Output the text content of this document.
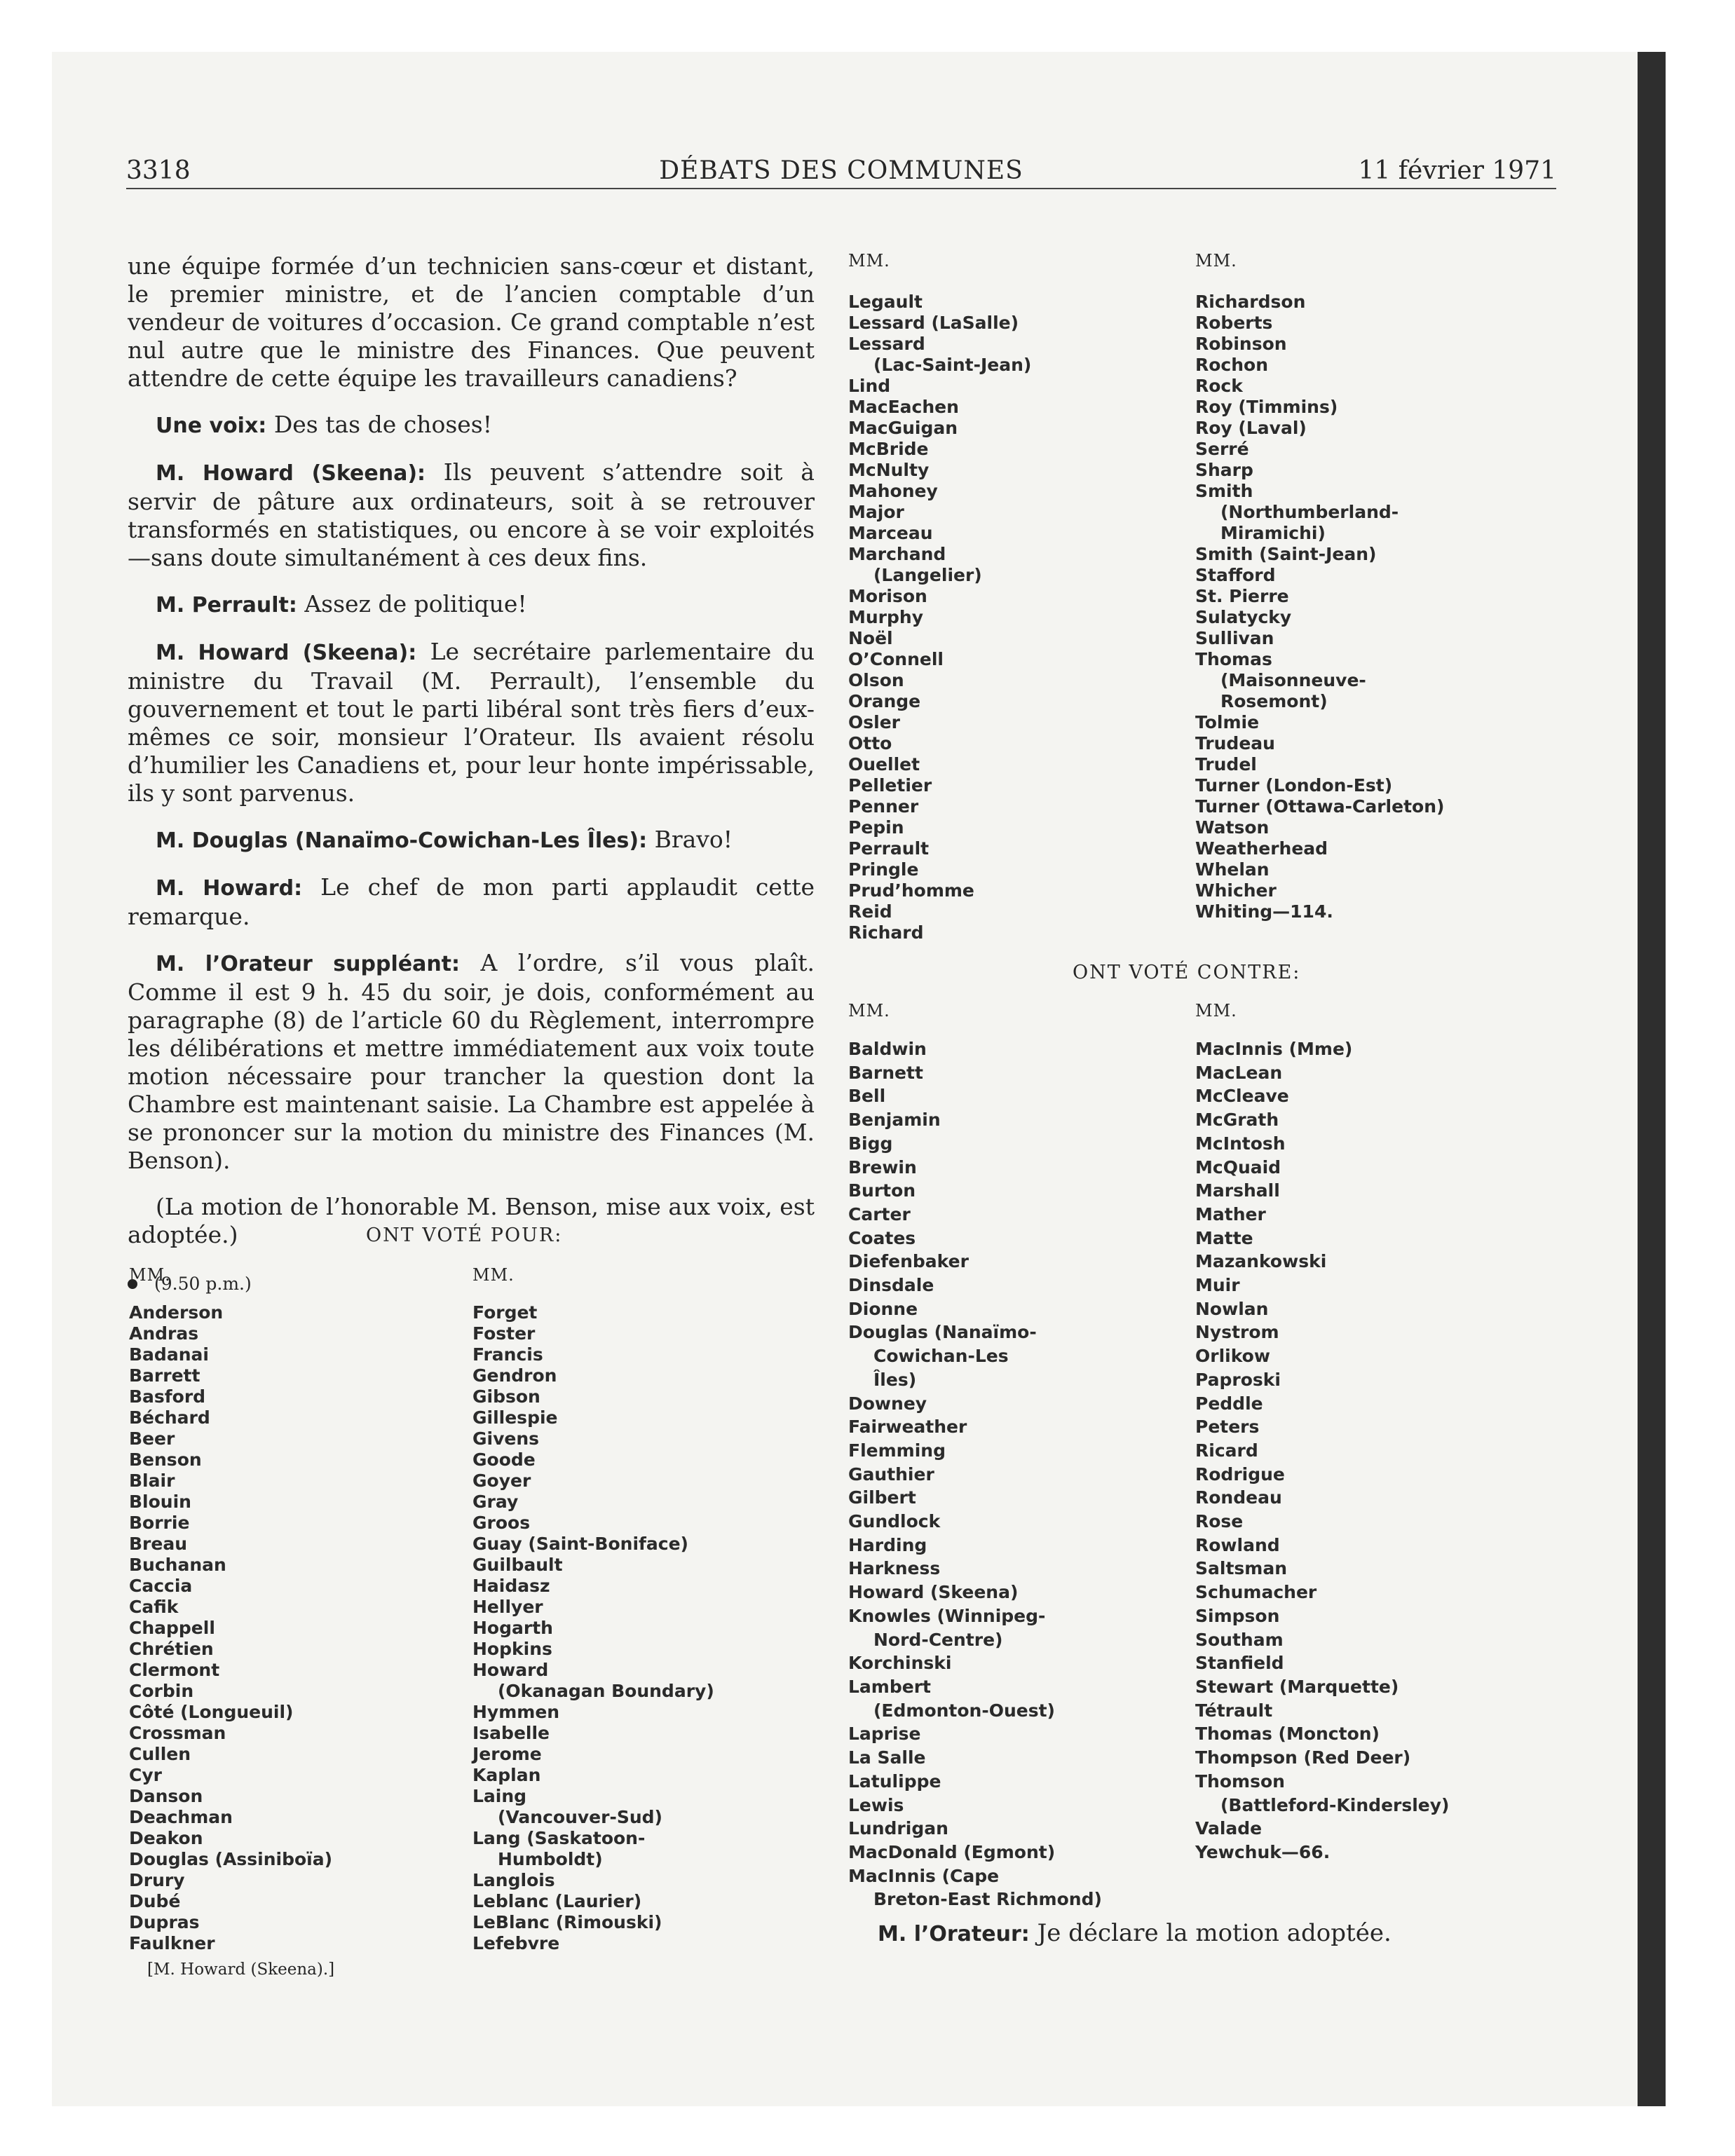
3318	DÉBATS DES COMMUNES	11 février 1971

une équipe formée d’un technicien sans-cœur et distant, le premier ministre, et de l’ancien comptable d’un vendeur de voitures d’occasion. Ce grand comptable n’est nul autre que le ministre des Finances. Que peuvent attendre de cette équipe les travailleurs canadiens?

Une voix: Des tas de choses!

M. Howard (Skeena): Ils peuvent s’attendre soit à servir de pâture aux ordinateurs, soit à se retrouver transformés en statistiques, ou encore à se voir exploités—sans doute simultanément à ces deux fins.

M. Perrault: Assez de politique!

M. Howard (Skeena): Le secrétaire parlementaire du ministre du Travail (M. Perrault), l’ensemble du gouvernement et tout le parti libéral sont très fiers d’eux-mêmes ce soir, monsieur l’Orateur. Ils avaient résolu d’humilier les Canadiens et, pour leur honte impérissable, ils y sont parvenus.

M. Douglas (Nanaïmo-Cowichan-Les Îles): Bravo!

M. Howard: Le chef de mon parti applaudit cette remarque.

M. l’Orateur suppléant: A l’ordre, s’il vous plaît. Comme il est 9 h. 45 du soir, je dois, conformément au paragraphe (8) de l’article 60 du Règlement, interrompre les délibérations et mettre immédiatement aux voix toute motion nécessaire pour trancher la question dont la Chambre est maintenant saisie. La Chambre est appelée à se prononcer sur la motion du ministre des Finances (M. Benson).

(La motion de l’honorable M. Benson, mise aux voix, est adoptée.)

(9.50 p.m.)
ONT VOTÉ POUR:
MM.
Anderson
Andras
Badanai
Barrett
Basford
Béchard
Beer
Benson
Blair
Blouin
Borrie
Breau
Buchanan
Caccia
Cafik
Chappell
Chrétien
Clermont
Corbin
Côté (Longueuil)
Crossman
Cullen
Cyr
Danson
Deachman
Deakon
Douglas (Assiniboïa)
Drury
Dubé
Dupras
Faulkner
MM.
Forget
Foster
Francis
Gendron
Gibson
Gillespie
Givens
Goode
Goyer
Gray
Groos
Guay (Saint-Boniface)
Guilbault
Haidasz
Hellyer
Hogarth
Hopkins
Howard
(Okanagan Boundary)
Hymmen
Isabelle
Jerome
Kaplan
Laing
(Vancouver-Sud)
Lang (Saskatoon-
Humboldt)
Langlois
Leblanc (Laurier)
LeBlanc (Rimouski)
Lefebvre
MM.
Legault
Lessard (LaSalle)
Lessard
(Lac-Saint-Jean)
Lind
MacEachen
MacGuigan
McBride
McNulty
Mahoney
Major
Marceau
Marchand
(Langelier)
Morison
Murphy
Noël
O’Connell
Olson
Orange
Osler
Otto
Ouellet
Pelletier
Penner
Pepin
Perrault
Pringle
Prud’homme
Reid
Richard
MM.
Richardson
Roberts
Robinson
Rochon
Rock
Roy (Timmins)
Roy (Laval)
Serré
Sharp
Smith
(Northumberland-
Miramichi)
Smith (Saint-Jean)
Stafford
St. Pierre
Sulatycky
Sullivan
Thomas
(Maisonneuve-
Rosemont)
Tolmie
Trudeau
Trudel
Turner (London-Est)
Turner (Ottawa-Carleton)
Watson
Weatherhead
Whelan
Whicher
Whiting—114.
[M. Howard (Skeena).]
ONT VOTÉ CONTRE:
MM.
Baldwin
Barnett
Bell
Benjamin
Bigg
Brewin
Burton
Carter
Coates
Diefenbaker
Dinsdale
Dionne
Douglas (Nanaïmo-
Cowichan-Les
Îles)
Downey
Fairweather
Flemming
Gauthier
Gilbert
Gundlock
Harding
Harkness
Howard (Skeena)
Knowles (Winnipeg-
Nord-Centre)
Korchinski
Lambert
(Edmonton-Ouest)
Laprise
La Salle
Latulippe
Lewis
Lundrigan
MacDonald (Egmont)
MacInnis (Cape
Breton-East Richmond)
MM.
MacInnis (Mme)
MacLean
McCleave
McGrath
McIntosh
McQuaid
Marshall
Mather
Matte
Mazankowski
Muir
Nowlan
Nystrom
Orlikow
Paproski
Peddle
Peters
Ricard
Rodrigue
Rondeau
Rose
Rowland
Saltsman
Schumacher
Simpson
Southam
Stanfield
Stewart (Marquette)
Tétrault
Thomas (Moncton)
Thompson (Red Deer)
Thomson
(Battleford-Kindersley)
Valade
Yewchuk—66.
M. l’Orateur: Je déclare la motion adoptée.
